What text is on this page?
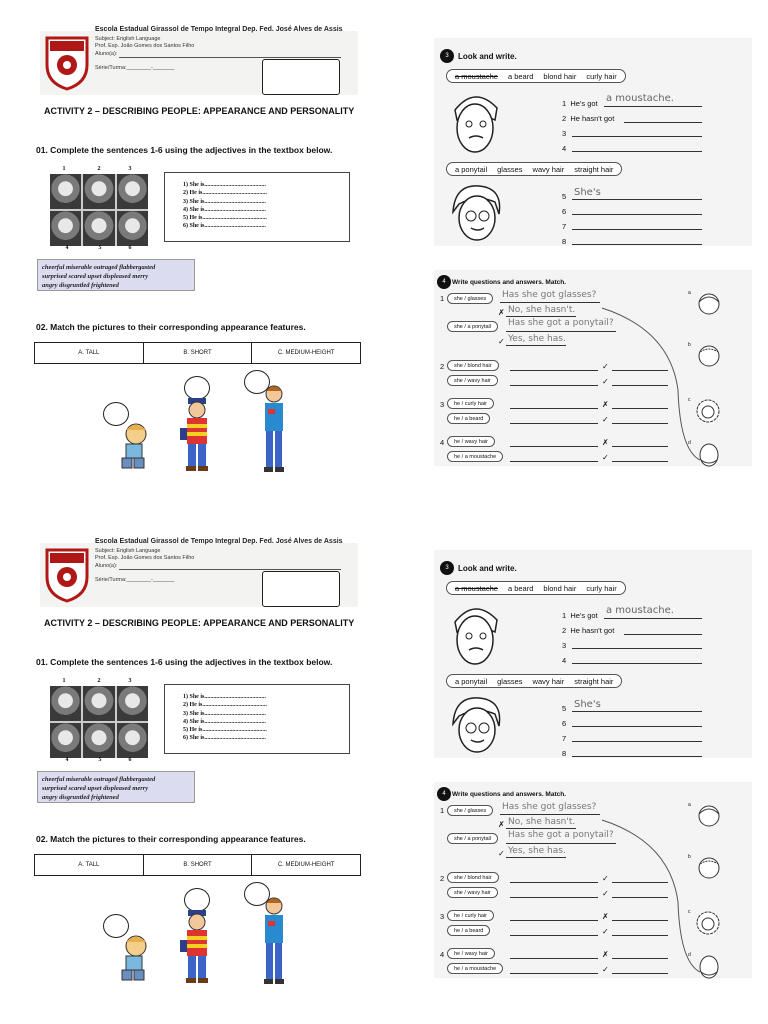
Escola Estadual Girassol de Tempo Integral Dep. Fed. José Alves de Assis
Subject: English Language
Prof. Esp. João Gomes dos Santos Filho
Aluno(a):
Série/Turma:________-_______
ACTIVITY 2 – DESCRIBING PEOPLE: APPEARANCE AND PERSONALITY
01. Complete the sentences 1-6 using the adjectives in the textbox below.
1	2	3
4	5	6
1) She is.........................................
2) He is...........................................
3) She is.........................................
4) She is.........................................
5) He is...........................................
6) She is.........................................
cheerful miserable outraged flabbergasted
surprised scared upset displeased merry
angry disgruntled frightened
02. Match the pictures to their corresponding appearance features.
A. TALL	B. SHORT	C. MEDIUM-HEIGHT
3	Look and write.
a moustache a beard blond hair curly hair
1 He's got a moustache.
2 He hasn't got
3
4
a ponytail glasses wavy hair straight hair
5 She's
6
7
8
4 Write questions and answers. Match.
1	she / glasses	Has she got glasses?
✗ No, she hasn't.
she / a ponytail	Has she got a ponytail?
✓ Yes, she has.
2	she / blond hair	✓
she / wavy hair	✓
3	he / curly hair	✗
he / a beard	✓
4	he / wavy hair	✗
he / a moustache	✓
a
b
c
d
Escola Estadual Girassol de Tempo Integral Dep. Fed. José Alves de Assis
Subject: English Language
Prof. Esp. João Gomes dos Santos Filho
Aluno(a):
Série/Turma:________-_______
ACTIVITY 2 – DESCRIBING PEOPLE: APPEARANCE AND PERSONALITY
01. Complete the sentences 1-6 using the adjectives in the textbox below.
1	2	3
4	5	6
1) She is.........................................
2) He is...........................................
3) She is.........................................
4) She is.........................................
5) He is...........................................
6) She is.........................................
cheerful miserable outraged flabbergasted
surprised scared upset displeased merry
angry disgruntled frightened
02. Match the pictures to their corresponding appearance features.
A. TALL	B. SHORT	C. MEDIUM-HEIGHT
3	Look and write.
a moustache a beard blond hair curly hair
1 He's got a moustache.
2 He hasn't got
3
4
a ponytail glasses wavy hair straight hair
5 She's
6
7
8
4 Write questions and answers. Match.
1	she / glasses	Has she got glasses?
✗ No, she hasn't.
she / a ponytail	Has she got a ponytail?
✓ Yes, she has.
2	she / blond hair	✓
she / wavy hair	✓
3	he / curly hair	✗
he / a beard	✓
4	he / wavy hair	✗
he / a moustache	✓
a
b
c
d
